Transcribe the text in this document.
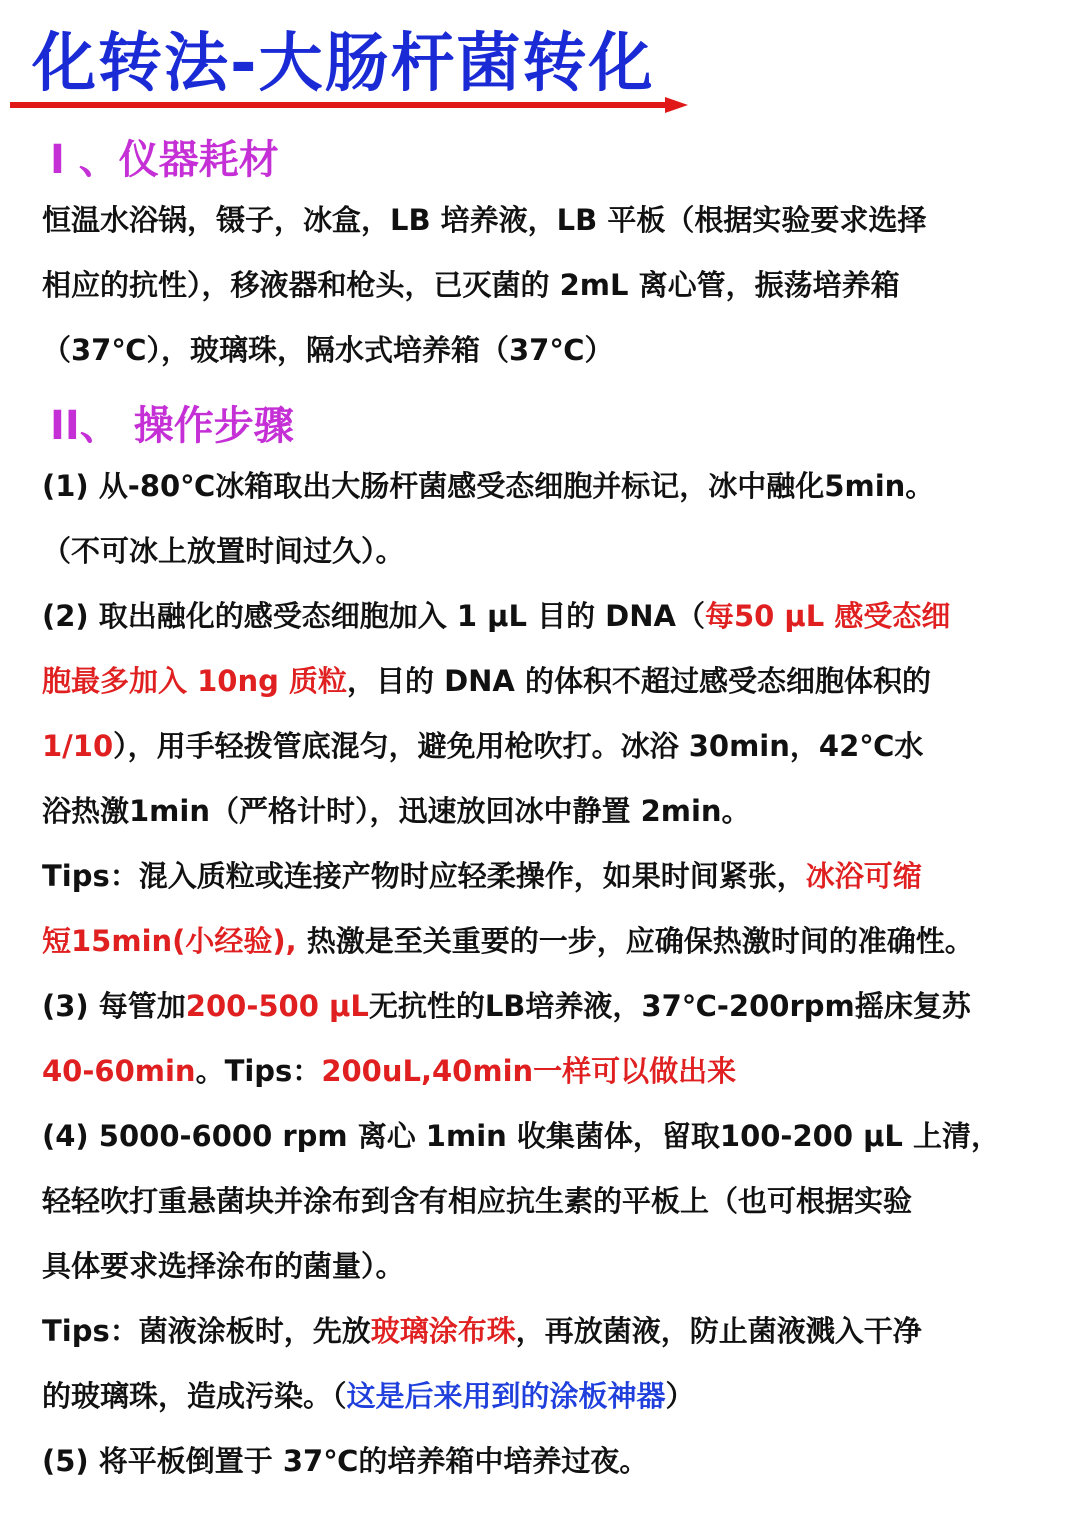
化转法-大肠杆菌转化
I 、仪器耗材
恒温水浴锅，镊子，冰盒，LB 培养液，LB 平板（根据实验要求选择
相应的抗性），移液器和枪头，已灭菌的 2mL 离心管，振荡培养箱
（37℃），玻璃珠，隔水式培养箱（37℃）
II、 操作步骤
(1) 从-80℃冰箱取出大肠杆菌感受态细胞并标记，冰中融化5min。
（不可冰上放置时间过久）。
(2) 取出融化的感受态细胞加入 1 μL 目的 DNA（每50 μL 感受态细
胞最多加入 10ng 质粒，目的 DNA 的体积不超过感受态细胞体积的
1/10），用手轻拨管底混匀，避免用枪吹打。冰浴 30min，42℃水
浴热激1min（严格计时），迅速放回冰中静置 2min。
Tips：混入质粒或连接产物时应轻柔操作，如果时间紧张，冰浴可缩
短15min(小经验), 热激是至关重要的一步，应确保热激时间的准确性。
(3) 每管加200-500 μL无抗性的LB培养液，37℃-200rpm摇床复苏
40-60min。Tips：200uL,40min一样可以做出来
(4) 5000-6000 rpm 离心 1min 收集菌体，留取100-200 μL 上清，
轻轻吹打重悬菌块并涂布到含有相应抗生素的平板上（也可根据实验
具体要求选择涂布的菌量）。
Tips：菌液涂板时，先放玻璃涂布珠，再放菌液，防止菌液溅入干净
的玻璃珠，造成污染。（这是后来用到的涂板神器）
(5) 将平板倒置于 37℃的培养箱中培养过夜。
